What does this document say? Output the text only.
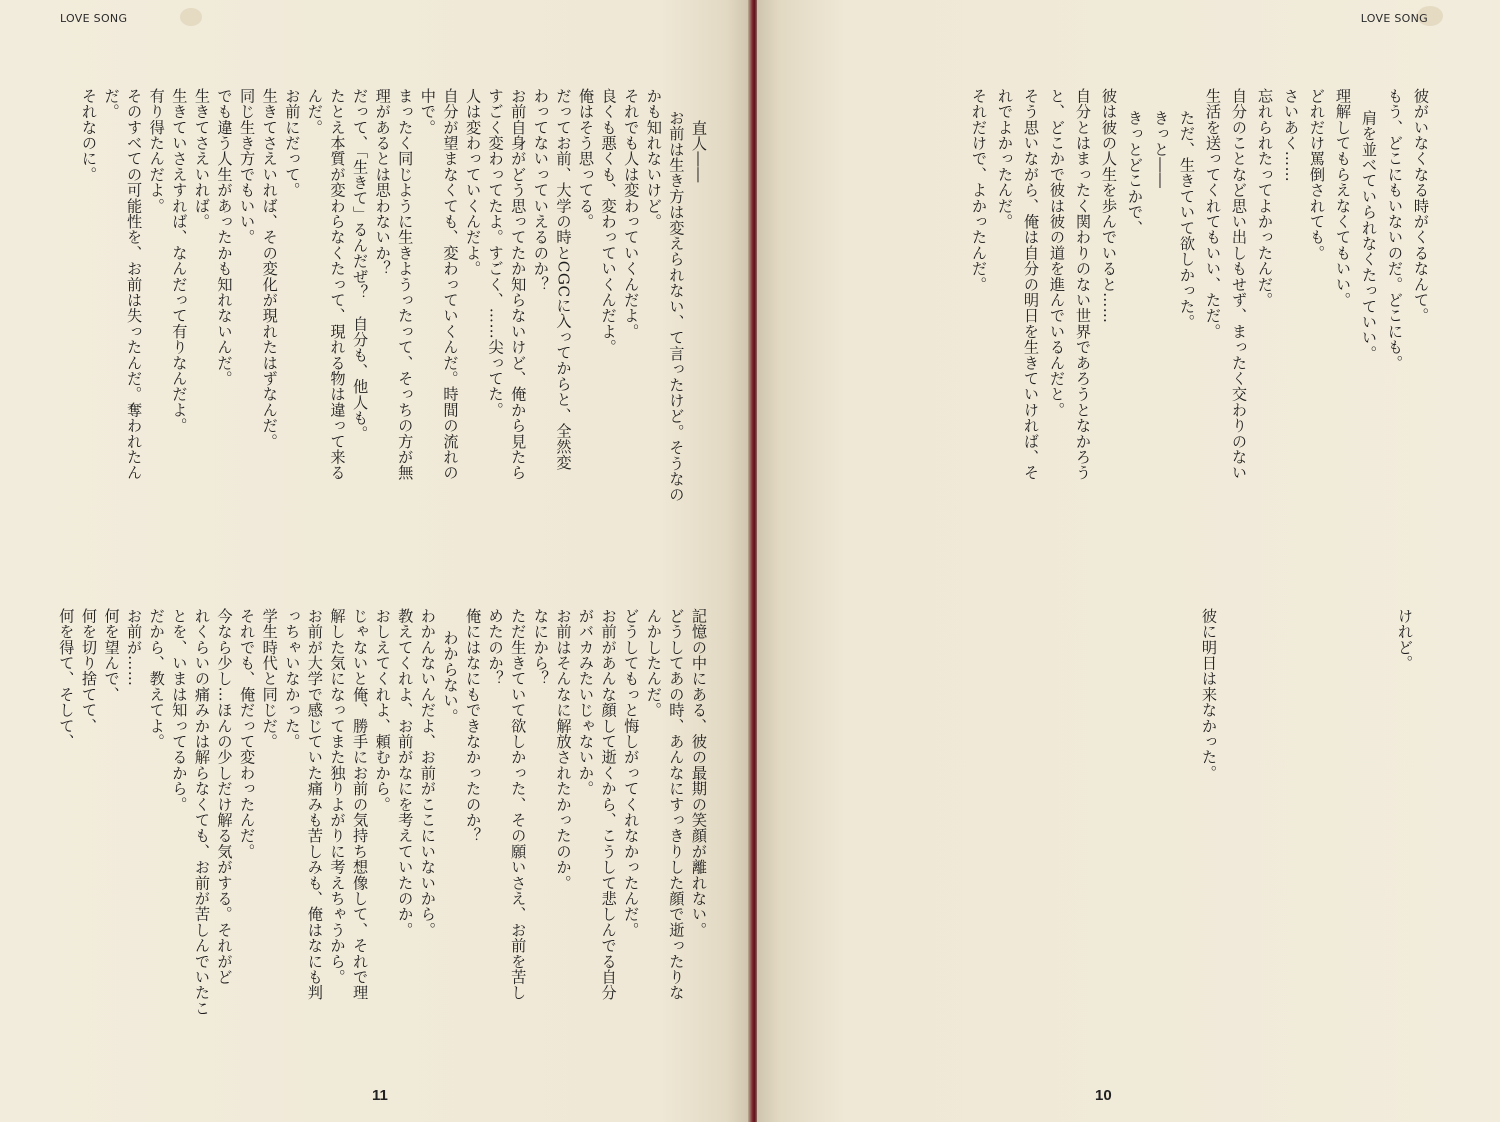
LOVE SONG

直人――

お前は生き方は変えられない、て言ったけど。そうなの

かも知れないけど。

それでも人は変わっていくんだよ。

良くも悪くも、変わっていくんだよ。

俺はそう思ってる。

だってお前、大学の時とCGCに入ってからと、全然変

わってないっていえるのか？

お前自身がどう思ってたか知らないけど、俺から見たら

すごく変わってたよ。すごく、……尖ってた。

人は変わっていくんだよ。

自分が望まなくても、変わっていくんだ。時間の流れの

中で。

まったく同じように生きようったって、そっちの方が無

理があるとは思わないか？

だって、「生きて」るんだぜ？　自分も、他人も。

たとえ本質が変わらなくたって、現れる物は違って来る

んだ。

お前にだって。

生きてさえいれば、その変化が現れたはずなんだ。

同じ生き方でもいい。

でも違う人生があったかも知れないんだ。

生きてさえいれば。

生きていさえすれば、なんだって有りなんだよ。

有り得たんだよ。

そのすべての可能性を、お前は失ったんだ。奪われたん

だ。

それなのに。

記憶の中にある、彼の最期の笑顔が離れない。

どうしてあの時、あんなにすっきりした顔で逝ったりな

んかしたんだ。

どうしてもっと悔しがってくれなかったんだ。

お前があんな顔して逝くから、こうして悲しんでる自分

がバカみたいじゃないか。

お前はそんなに解放されたかったのか。

なにから？

ただ生きていて欲しかった、その願いさえ、お前を苦し

めたのか？

俺にはなにもできなかったのか？

わからない。

わかんないんだよ、お前がここにいないから。

教えてくれよ、お前がなにを考えていたのか。

おしえてくれよ、頼むから。

じゃないと俺、勝手にお前の気持ち想像して、それで理

解した気になってまた独りよがりに考えちゃうから。

お前が大学で感じていた痛みも苦しみも、俺はなにも判

っちゃいなかった。

学生時代と同じだ。

それでも、俺だって変わったんだ。

今なら少し…ほんの少しだけ解る気がする。それがど

れくらいの痛みかは解らなくても、お前が苦しんでいたこ

とを、いまは知ってるから。

だから、教えてよ。

お前が……

何を望んで、

何を切り捨てて、

何を得て、そして、

11
LOVE SONG

彼がいなくなる時がくるなんて。

もう、どこにもいないのだ。どこにも。

肩を並べていられなくたっていい。

理解してもらえなくてもいい。

どれだけ罵倒されても。

さいあく……

忘れられたってよかったんだ。

自分のことなど思い出しもせず、まったく交わりのない

生活を送ってくれてもいい、ただ。

ただ、生きていて欲しかった。

きっと――

きっとどこかで、

彼は彼の人生を歩んでいると……

自分とはまったく関わりのない世界であろうとなかろう

と、どこかで彼は彼の道を進んでいるんだと。

そう思いながら、俺は自分の明日を生きていければ、そ

れでよかったんだ。

それだけで、よかったんだ。

けれど。

彼に明日は来なかった。

10
